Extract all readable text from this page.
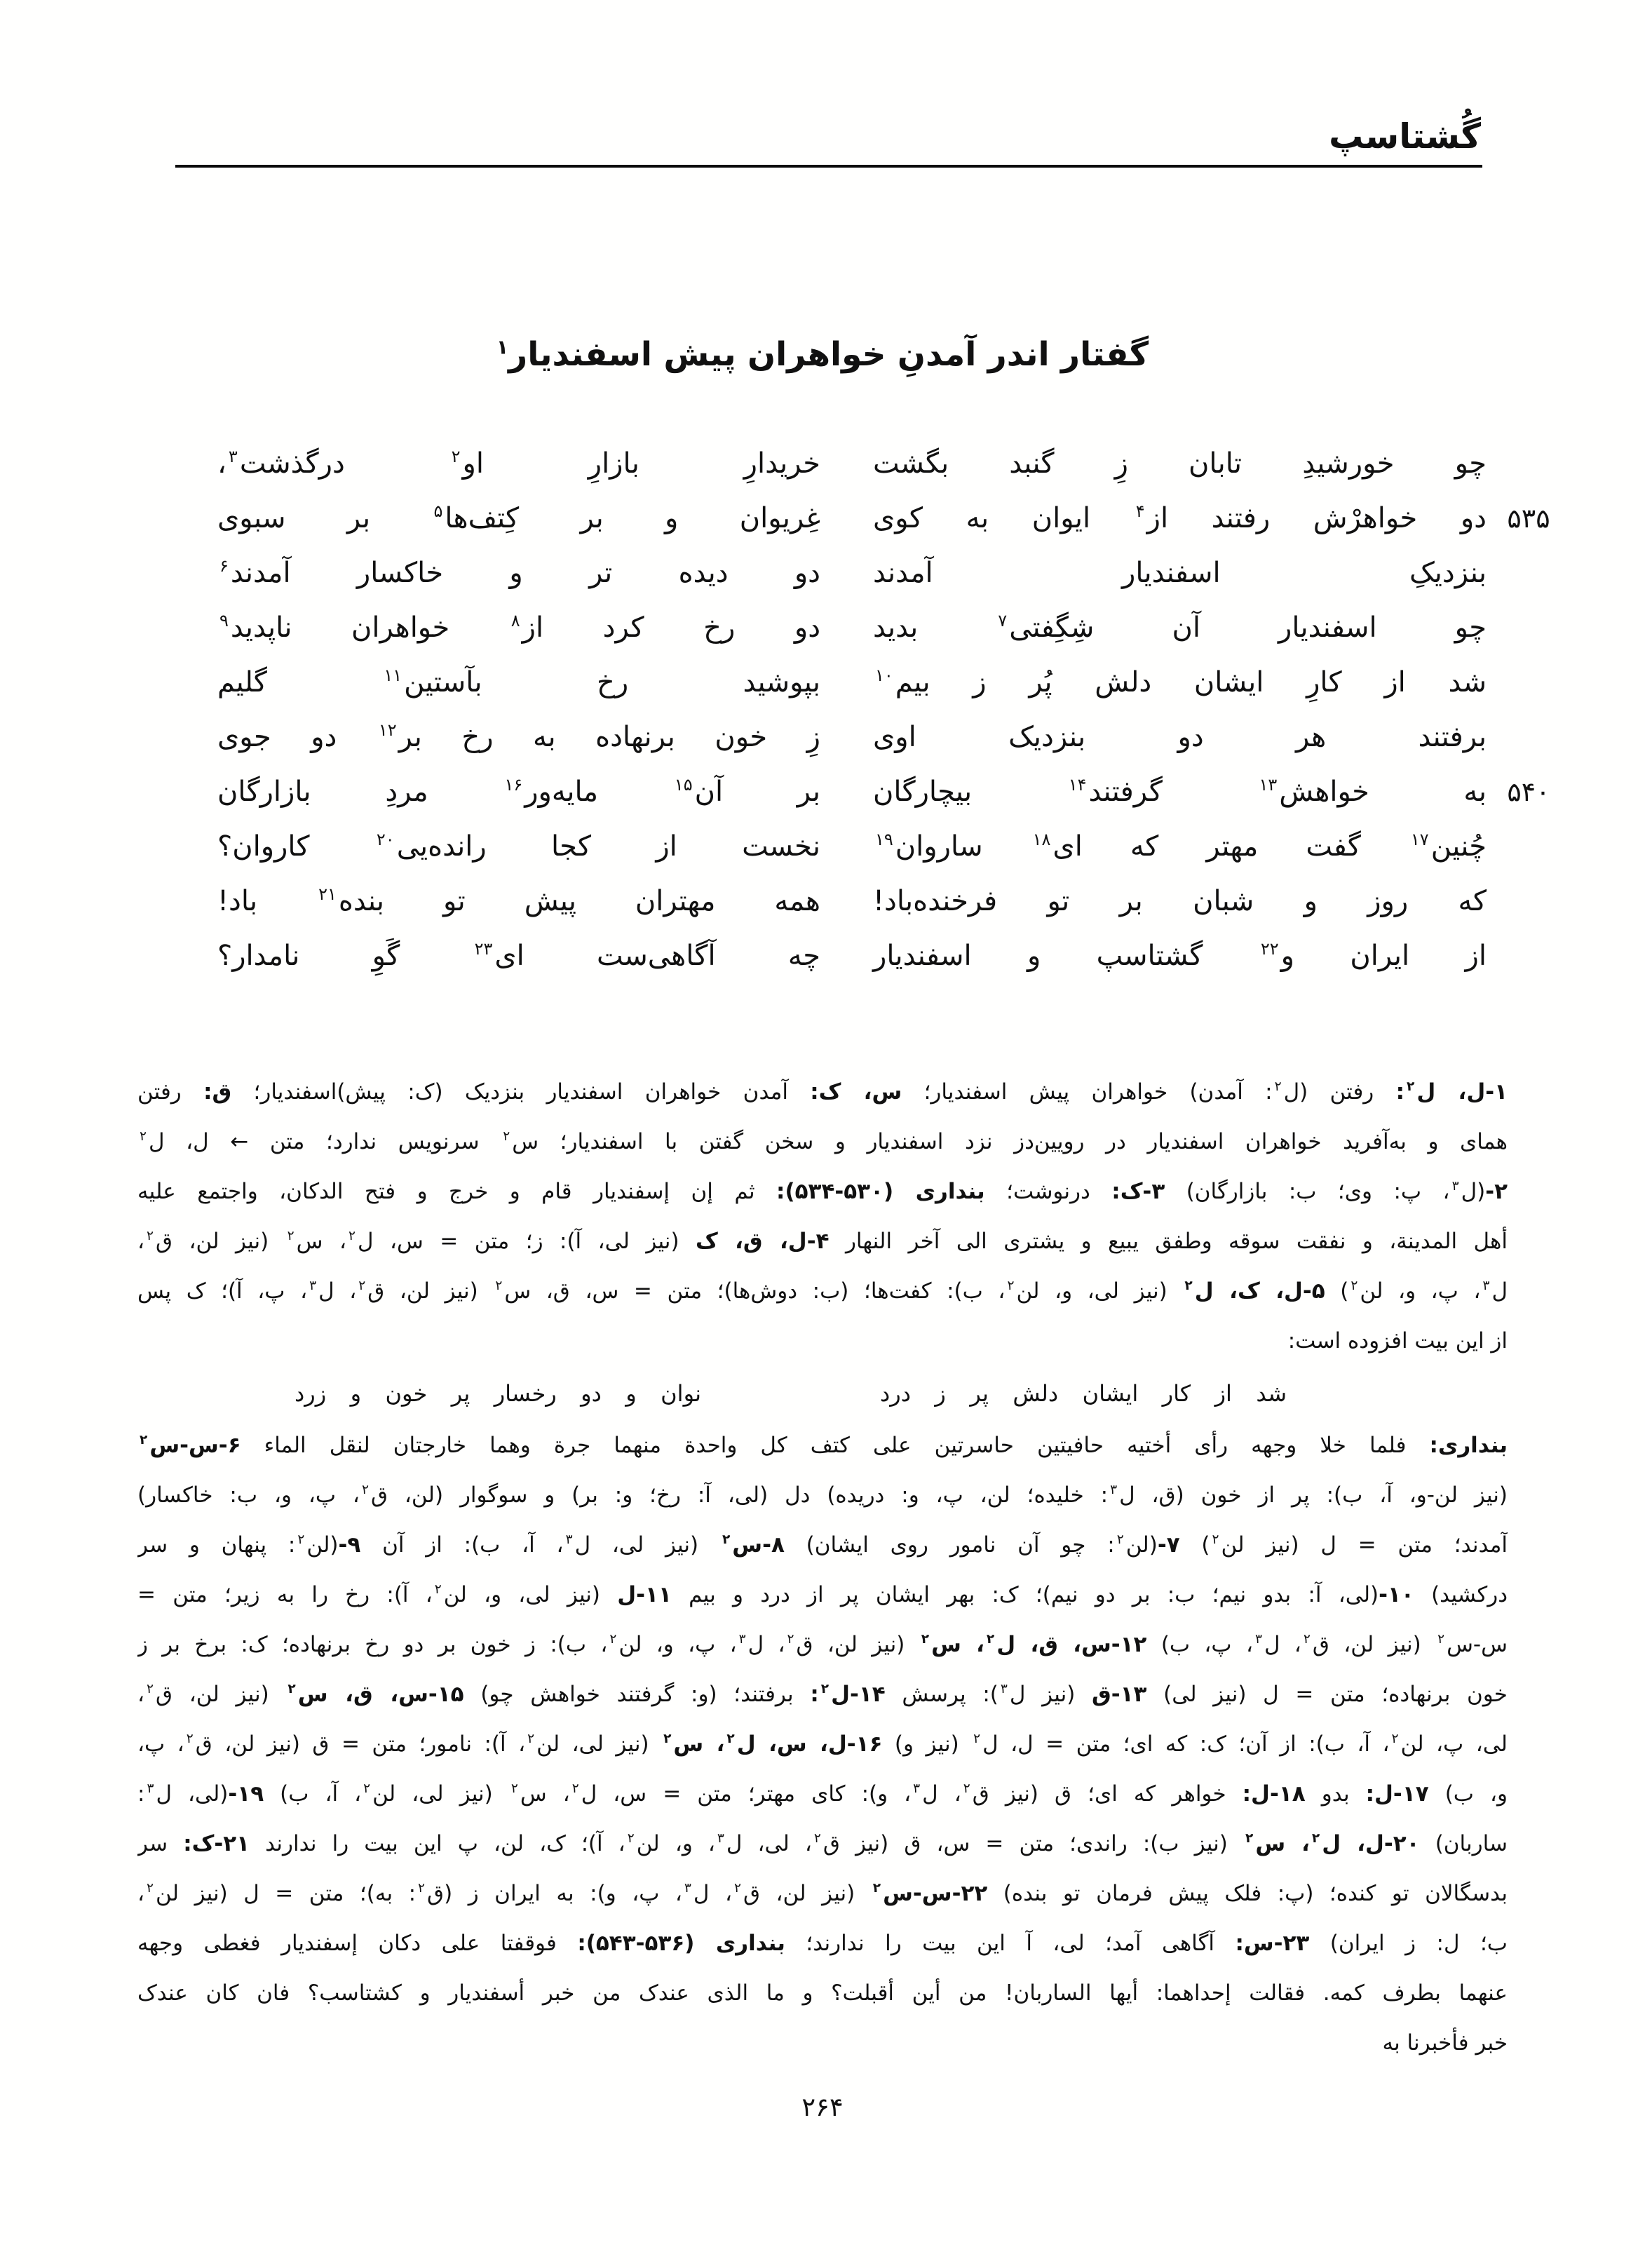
گُشتاسپ
گفتار اندر آمدنِ خواهران پیش اسفندیار$^۱$
چو خورشیدِ تابان زِ گنبد بگشت
خریدارِ بازارِ او$^۲$ درگذشت$^۳$،
۵۳۵
دو خواهرْش رفتند از$^۴$ ایوان به کوی
غِریوان و بر کِتف‌ها$^۵$ بر سبوی
بنزدیکِ اسفندیار آمدند
دو دیده تر و خاکسار آمدند$^۶$
چو اسفندیار آن شِگِفتی$^۷$ بدید
دو رخ کرد از$^۸$ خواهران ناپدید$^۹$
شد از کارِ ایشان دلش پُر ز بیم$^{۱۰}$
بپوشید رخ بآستین$^{۱۱}$ گلیم
برفتند هر دو بنزدیک اوی
زِ خون برنهاده به رخ بر$^{۱۲}$ دو جوی
۵۴۰
به خواهش$^{۱۳}$ گرفتند$^{۱۴}$ بیچارگان
بر آن$^{۱۵}$ مایه‌ور$^{۱۶}$ مردِ بازارگان
چُنین$^{۱۷}$ گفت مهتر که ای$^{۱۸}$ ساروان$^{۱۹}$
نخست از کجا رانده‌یی$^{۲۰}$ کاروان؟
که روز و شبان بر تو فرخنده‌باد!
همه مهتران پیش تو بنده$^{۲۱}$ باد!
از ایران و$^{۲۲}$ گشتاسپ و اسفندیار
چه آگاهی‌ست ای$^{۲۳}$ گَوِ نامدار؟
۱-ل، ل$^۲$: رفتن (ل$^۲$: آمدن) خواهران پیش اسفندیار؛ س، ک: آمدن خواهران اسفندیار بنزدیک (ک: پیش)اسفندیار؛ ق: رفتن
همای و به‌آفرید خواهران اسفندیار در رویین‌دز نزد اسفندیار و سخن گفتن با اسفندیار؛ س$^۲$ سرنویس ندارد؛ متن ← ل، ل$^۲$
۲-(ل$^۳$، پ: وی؛ ب: بازارگان) ۳-ک: درنوشت؛ بنداری (۵۳۰-۵۳۴): ثم إن إسفندیار قام و خرج و فتح الدکان، واجتمع علیه
أهل المدینة، و نفقت سوقه وطفق یبیع و یشتری الی آخر النهار ۴-ل، ق، ک (نیز لی، آ): ز؛ متن = س، ل$^۲$، س$^۲$ (نیز لن، ق$^۲$،
ل$^۳$، پ، و، لن$^۲$) ۵-ل، ک، ل$^۲$ (نیز لی، و، لن$^۲$، ب): کفت‌ها؛ (ب: دوش‌ها)؛ متن = س، ق، س$^۲$ (نیز لن، ق$^۲$، ل$^۳$، پ، آ)؛ ک پس
از این بیت افزوده است:
شد از کار ایشان دلش پر ز درد
نوان و دو رخسار پر خون و زرد
بنداری: فلما خلا وجهه رأی أختیه حافیتین حاسرتین علی کتف کل واحدة منهما جرة وهما خارجتان لنقل الماء ۶-س-س$^۲$
(نیز لن-و، آ، ب): پر از خون (ق، ل$^۳$: خلیده؛ لن، پ، و: دریده) دل (لی، آ: رخ؛ و: بر) و سوگوار (لن، ق$^۲$، پ، و، ب: خاکسار)
آمدند؛ متن = ل (نیز لن$^۲$) ۷-(لن$^۲$: چو آن نامور روی ایشان) ۸-س$^۲$ (نیز لی، ل$^۳$، آ، ب): از آن ۹-(لن$^۲$: پنهان و سر
درکشید) ۱۰-(لی، آ: بدو نیم؛ ب: بر دو نیم)؛ ک: بهر ایشان پر از درد و بیم ۱۱-ل (نیز لی، و، لن$^۲$، آ): رخ را به زیر؛ متن =
س-س$^۲$ (نیز لن، ق$^۲$، ل$^۳$، پ، ب) ۱۲-س، ق، ل$^۲$، س$^۲$ (نیز لن، ق$^۲$، ل$^۳$، پ، و، لن$^۲$، ب): ز خون بر دو رخ برنهاده؛ ک: برخ بر ز
خون برنهاده؛ متن = ل (نیز لی) ۱۳-ق (نیز ل$^۳$): پرسش ۱۴-ل$^۲$: برفتند؛ (و: گرفتند خواهش چو) ۱۵-س، ق، س$^۲$ (نیز لن، ق$^۲$،
لی، پ، لن$^۲$، آ، ب): از آن؛ ک: که ای؛ متن = ل، ل$^۲$ (نیز و) ۱۶-ل، س، ل$^۲$، س$^۲$ (نیز لی، لن$^۲$، آ): نامور؛ متن = ق (نیز لن، ق$^۲$، پ،
و، ب) ۱۷-ل: بدو ۱۸-ل: خواهر که ای؛ ق (نیز ق$^۲$، ل$^۳$، و): کای مهتر؛ متن = س، ل$^۲$، س$^۲$ (نیز لی، لن$^۲$، آ، ب) ۱۹-(لی، ل$^۳$:
ساربان) ۲۰-ل، ل$^۲$، س$^۲$ (نیز ب): راندی؛ متن = س، ق (نیز ق$^۲$، لی، ل$^۳$، و، لن$^۲$، آ)؛ ک، لن، پ این بیت را ندارند ۲۱-ک: سر
بدسگالان تو کنده؛ (پ: فلک پیش فرمان تو بنده) ۲۲-س-س$^۲$ (نیز لن، ق$^۲$، ل$^۳$، پ، و): به ایران ز (ق$^۲$: به)؛ متن = ل (نیز لن$^۲$،
ب؛ ل: ز ایران) ۲۳-س: آگاهی آمد؛ لی، آ این بیت را ندارند؛ بنداری (۵۳۶-۵۴۳): فوقفتا علی دکان إسفندیار فغطی وجهه
عنهما بطرف کمه. فقالت إحداهما: أیها الساربان! من أین أقبلت؟ و ما الذی عندک من خبر أسفندیار و کشتاسب؟ فان کان عندک
خبر فأخبرنا به
۲۶۴
